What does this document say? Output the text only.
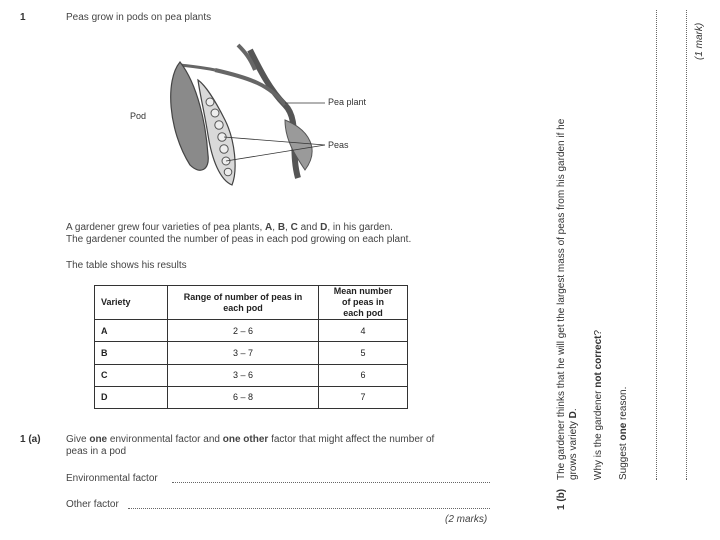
1	Peas grow in pods on pea plants
Pod
Pea plant
Peas
A gardener grew four varieties of pea plants, A, B, C and D, in his garden.
The gardener counted the number of peas in each pod growing on each plant.
The table shows his results
Variety	Range of number of peas in each pod	Mean number of peas in each pod
A	2 – 6	4
B	3 – 7	5
C	3 – 6	6
D	6 – 8	7
1 (a)	Give one environmental factor and one other factor that might affect the number of
peas in a pod
Environmental factor
Other factor
(2 marks)
1 (b)
The gardener thinks that he will get the largest mass of peas from his garden if he grows variety D. Why is the gardener not correct?
Suggest one reason.
(1 mark)
